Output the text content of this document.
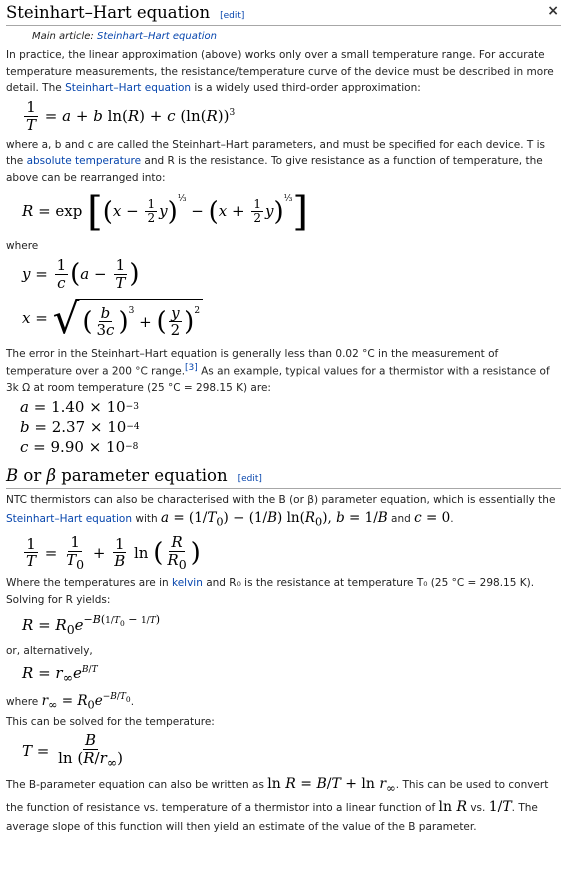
Steinhart–Hart equation [edit]	×
Main article: Steinhart–Hart equation

In practice, the linear approximation (above) works only over a small temperature range. For accurate temperature measurements, the resistance/temperature curve of the device must be described in more detail. The Steinhart–Hart equation is a widely used third-order approximation:

$\frac{1}{T} = a + b$ ln(R) + c $(\ln(R))^3$

where a, b and c are called the Steinhart–Hart parameters, and must be specified for each device. T is the absolute temperature and R is the resistance. To give resistance as a function of temperature, the above can be rearranged into:

R = exp [ ( $x - \frac{1}{2}$ y )$^{\frac{1}{3}}$
− ( $x + \frac{1}{2}$ y )$^{\frac{1}{3}}$ ]

where

$y = \frac{1}{c}$ ( $a - \frac{1}{T}$ )
x = √ ( $\frac{b}{3c} )^3$
+ ( $\frac{y}{2} )^2$

The error in the Steinhart–Hart equation is generally less than 0.02 °C in the measurement of temperature over a 200 °C range.[3] As an example, typical values for a thermistor with a resistance of 3k Ω at room temperature (25 °C = 298.15 K) are:

a = 1.40 × 10 −3
b = 2.37 × 10 −4
c = 9.90 × 10 −8
B or β parameter equation [edit]

NTC thermistors can also be characterised with the B (or β) parameter equation, which is essentially the Steinhart–Hart equation with $a = (1/T_0) - (1/B)$ $\ln(R_0)$, b = 1/B and c = 0.

$\frac{1}{T} = \frac{1}{T_0} + \frac{1}{B}$ ln ( $\frac{R}{R_0}$ )

Where the temperatures are in kelvin and R₀ is the resistance at temperature T₀ (25 °C = 298.15 K). Solving for R yields:

$R = R_0e^{-B(1/T_0 - 1/T)}$

or, alternatively,

$R = r_\infty e^{B/T}$

where $r_\infty = R_0e^{-B/T_0}$.

This can be solved for the temperature:

$T = \frac{B}{\ln (R/r_\infty)}$

The B-parameter equation can also be written as $\ln R = B/T + \ln r_\infty$. This can be used to convert the function of resistance vs. temperature of a thermistor into a linear function of ln R vs. 1/T. The average slope of this function will then yield an estimate of the value of the B parameter.
